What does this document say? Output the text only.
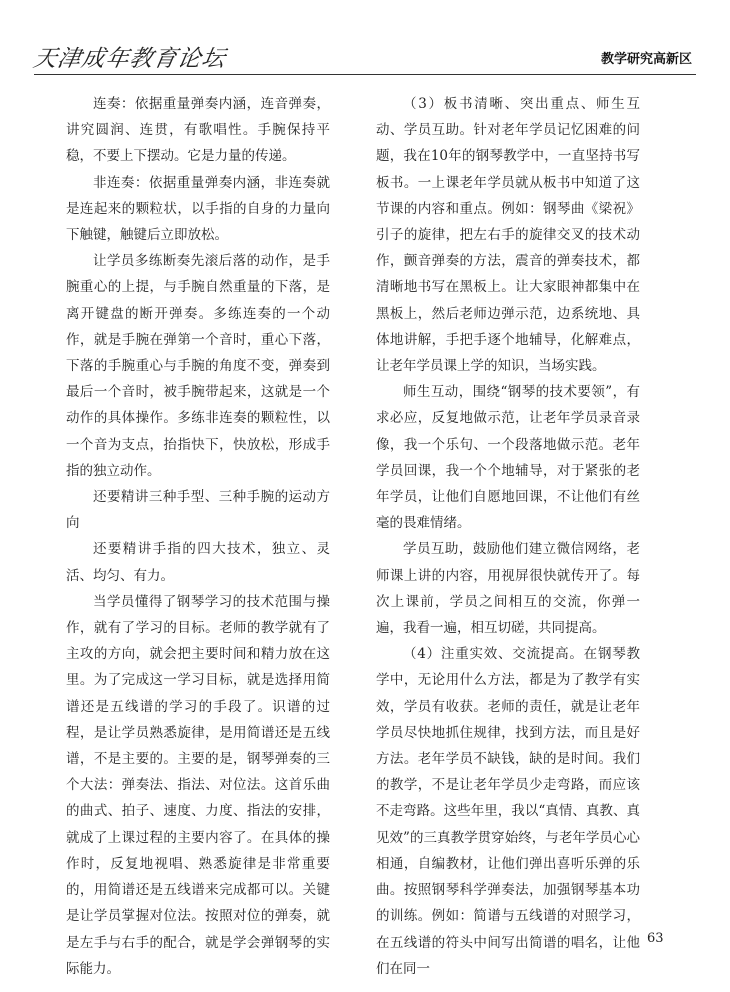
天津成年教育论坛	教学研究高新区

连奏：依据重量弹奏内涵，连音弹奏，讲究圆润、连贯，有歌唱性。手腕保持平稳，不要上下摆动。它是力量的传递。

非连奏：依据重量弹奏内涵，非连奏就是连起来的颗粒状，以手指的自身的力量向下触键，触键后立即放松。

让学员多练断奏先滚后落的动作，是手腕重心的上提，与手腕自然重量的下落，是离开键盘的断开弹奏。多练连奏的一个动作，就是手腕在弹第一个音时，重心下落，下落的手腕重心与手腕的角度不变，弹奏到最后一个音时，被手腕带起来，这就是一个动作的具体操作。多练非连奏的颗粒性，以一个音为支点，抬指快下，快放松，形成手指的独立动作。

还要精讲三种手型、三种手腕的运动方向

还要精讲手指的四大技术，独立、灵活、均匀、有力。

当学员懂得了钢琴学习的技术范围与操作，就有了学习的目标。老师的教学就有了主攻的方向，就会把主要时间和精力放在这里。为了完成这一学习目标，就是选择用简谱还是五线谱的学习的手段了。识谱的过程，是让学员熟悉旋律，是用简谱还是五线谱，不是主要的。主要的是，钢琴弹奏的三个大法：弹奏法、指法、对位法。这首乐曲的曲式、拍子、速度、力度、指法的安排，就成了上课过程的主要内容了。在具体的操作时，反复地视唱、熟悉旋律是非常重要的，用简谱还是五线谱来完成都可以。关键是让学员掌握对位法。按照对位的弹奏，就是左手与右手的配合，就是学会弹钢琴的实际能力。

（3）板书清晰、突出重点、师生互动、学员互助。针对老年学员记忆困难的问题，我在10年的钢琴教学中，一直坚持书写板书。一上课老年学员就从板书中知道了这节课的内容和重点。例如：钢琴曲《梁祝》引子的旋律，把左右手的旋律交叉的技术动作，颤音弹奏的方法，震音的弹奏技术，都清晰地书写在黑板上。让大家眼神都集中在黑板上，然后老师边弹示范，边系统地、具体地讲解，手把手逐个地辅导，化解难点，让老年学员课上学的知识，当场实践。

师生互动，围绕“钢琴的技术要领”，有求必应，反复地做示范，让老年学员录音录像，我一个乐句、一个段落地做示范。老年学员回课，我一个个地辅导，对于紧张的老年学员，让他们自愿地回课，不让他们有丝毫的畏难情绪。

学员互助，鼓励他们建立微信网络，老师课上讲的内容，用视屏很快就传开了。每次上课前，学员之间相互的交流，你弹一遍，我看一遍，相互切磋，共同提高。

（4）注重实效、交流提高。在钢琴教学中，无论用什么方法，都是为了教学有实效，学员有收获。老师的责任，就是让老年学员尽快地抓住规律，找到方法，而且是好方法。老年学员不缺钱，缺的是时间。我们的教学，不是让老年学员少走弯路，而应该不走弯路。这些年里，我以“真情、真教、真见效”的三真教学贯穿始终，与老年学员心心相通，自编教材，让他们弹出喜听乐弹的乐曲。按照钢琴科学弹奏法，加强钢琴基本功的训练。例如：简谱与五线谱的对照学习，在五线谱的符头中间写出简谱的唱名，让他们在同一

63
